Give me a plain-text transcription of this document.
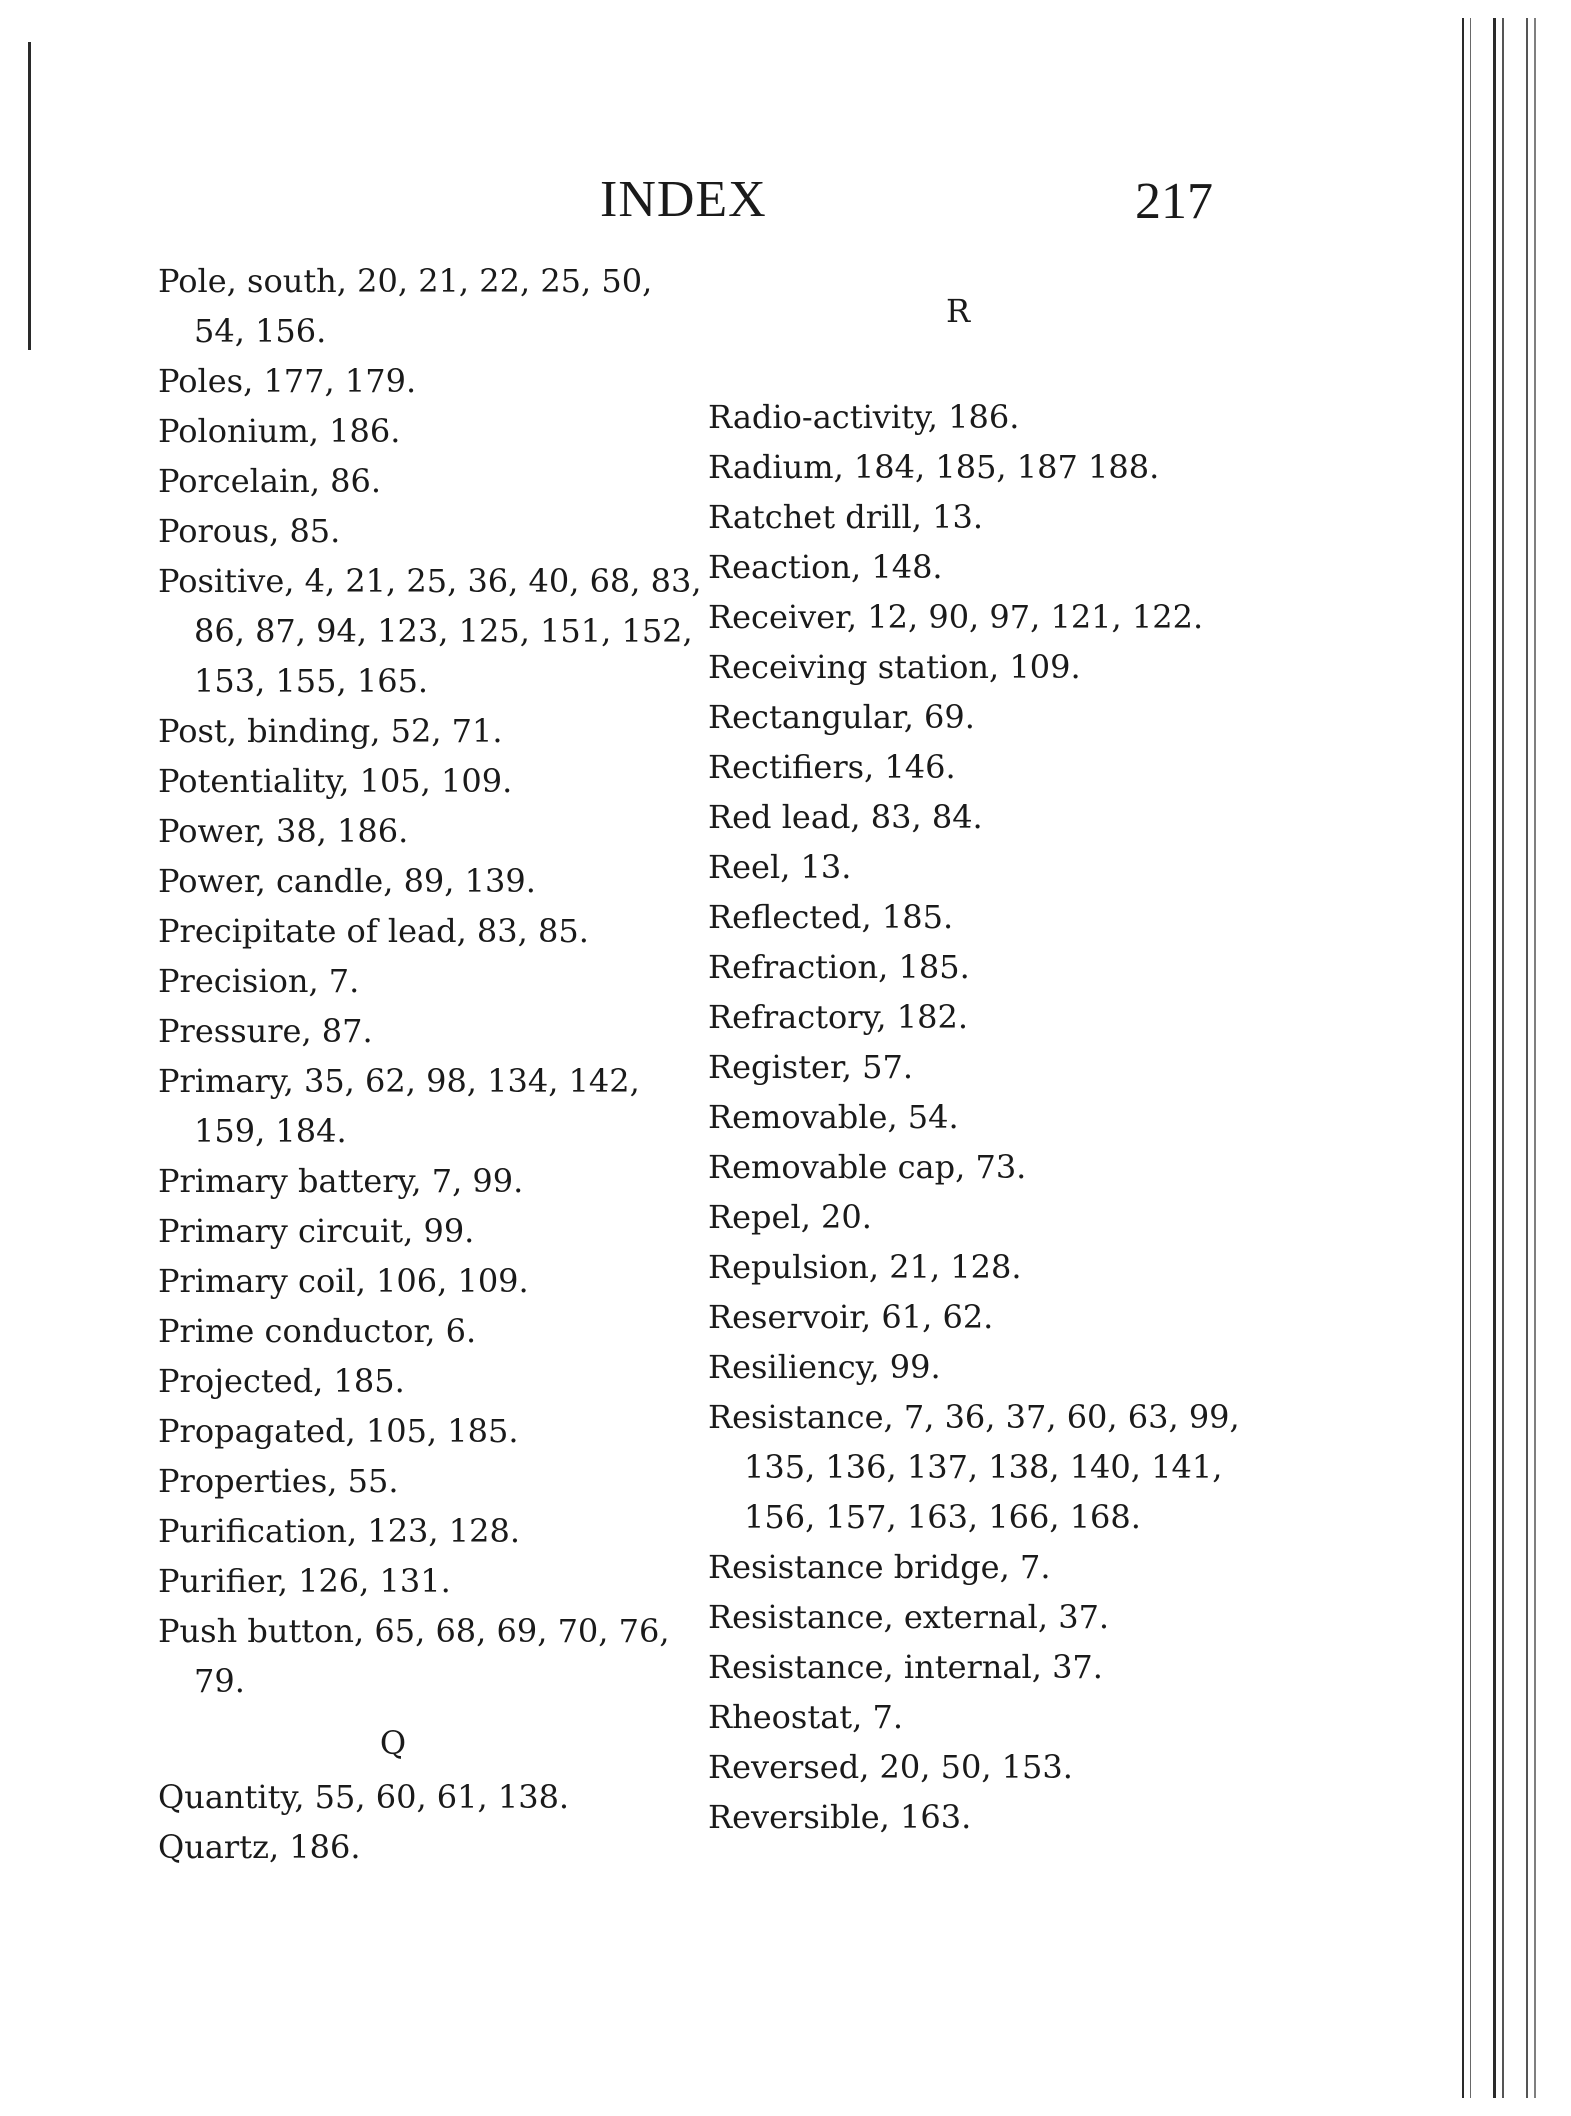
INDEX	217
Pole, south, 20, 21, 22, 25, 50,
54, 156.
Poles, 177, 179.
Polonium, 186.
Porcelain, 86.
Porous, 85.
Positive, 4, 21, 25, 36, 40, 68, 83,
86, 87, 94, 123, 125, 151, 152,
153, 155, 165.
Post, binding, 52, 71.
Potentiality, 105, 109.
Power, 38, 186.
Power, candle, 89, 139.
Precipitate of lead, 83, 85.
Precision, 7.
Pressure, 87.
Primary, 35, 62, 98, 134, 142,
159, 184.
Primary battery, 7, 99.
Primary circuit, 99.
Primary coil, 106, 109.
Prime conductor, 6.
Projected, 185.
Propagated, 105, 185.
Properties, 55.
Purification, 123, 128.
Purifier, 126, 131.
Push button, 65, 68, 69, 70, 76,
79.
Q
Quantity, 55, 60, 61, 138.
Quartz, 186.
R
Radio-activity, 186.
Radium, 184, 185, 187 188.
Ratchet drill, 13.
Reaction, 148.
Receiver, 12, 90, 97, 121, 122.
Receiving station, 109.
Rectangular, 69.
Rectifiers, 146.
Red lead, 83, 84.
Reel, 13.
Reflected, 185.
Refraction, 185.
Refractory, 182.
Register, 57.
Removable, 54.
Removable cap, 73.
Repel, 20.
Repulsion, 21, 128.
Reservoir, 61, 62.
Resiliency, 99.
Resistance, 7, 36, 37, 60, 63, 99,
135, 136, 137, 138, 140, 141,
156, 157, 163, 166, 168.
Resistance bridge, 7.
Resistance, external, 37.
Resistance, internal, 37.
Rheostat, 7.
Reversed, 20, 50, 153.
Reversible, 163.
